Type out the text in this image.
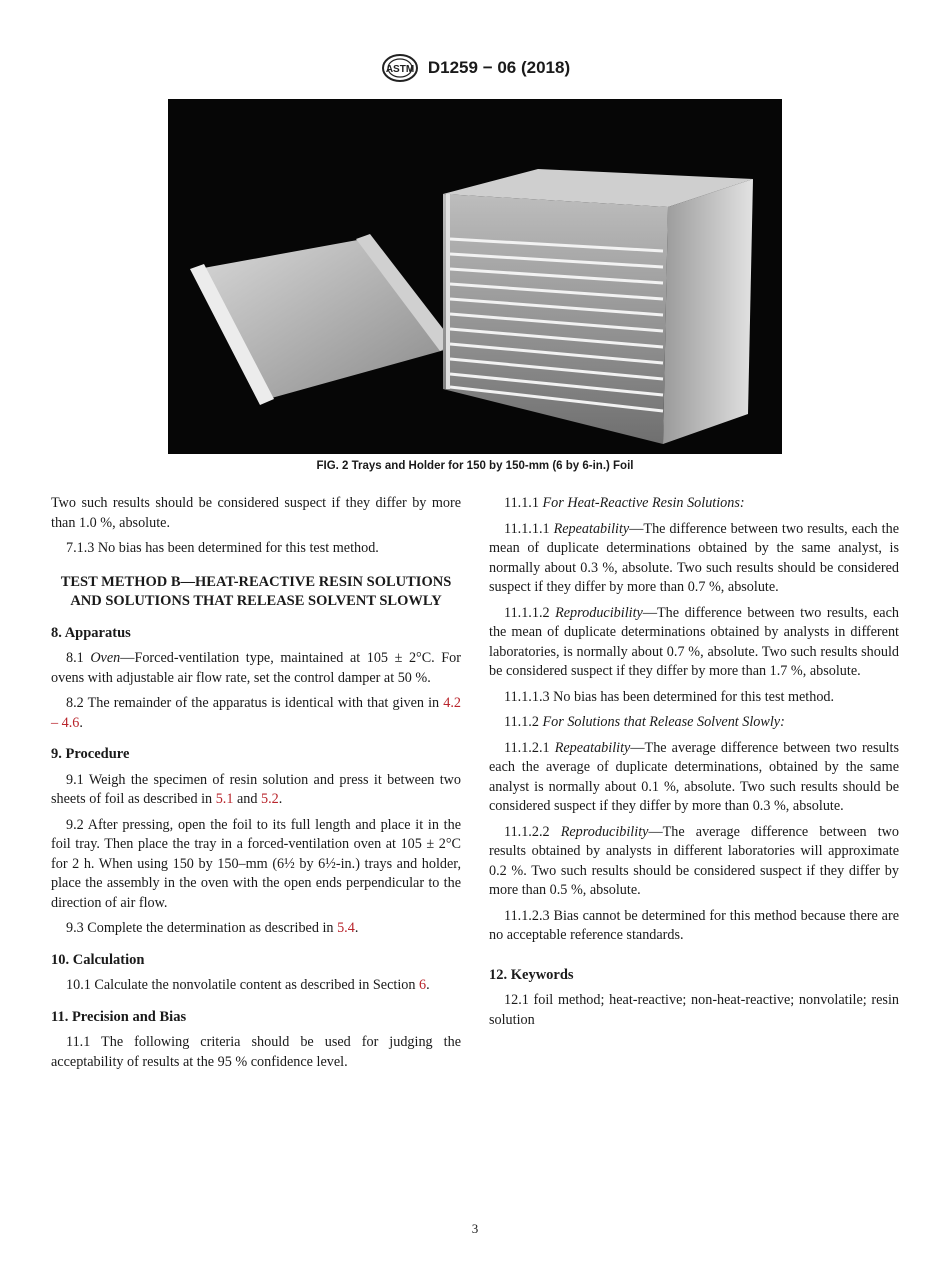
ASTM D1259 − 06 (2018)
FIG. 2 Trays and Holder for 150 by 150-mm (6 by 6-in.) Foil

Two such results should be considered suspect if they differ by more than 1.0 %, absolute.

7.1.3 No bias has been determined for this test method.

TEST METHOD B—HEAT-REACTIVE RESIN SOLUTIONS AND SOLUTIONS THAT RELEASE SOLVENT SLOWLY
8. Apparatus

8.1 Oven—Forced-ventilation type, maintained at 105 ± 2°C. For ovens with adjustable air flow rate, set the control damper at 50 %.

8.2 The remainder of the apparatus is identical with that given in 4.2 – 4.6.

9. Procedure

9.1 Weigh the specimen of resin solution and press it between two sheets of foil as described in 5.1 and 5.2.

9.2 After pressing, open the foil to its full length and place it in the foil tray. Then place the tray in a forced-ventilation oven at 105 ± 2°C for 2 h. When using 150 by 150–mm (6½ by 6½-in.) trays and holder, place the assembly in the oven with the open ends perpendicular to the direction of air flow.

9.3 Complete the determination as described in 5.4.

10. Calculation

10.1 Calculate the nonvolatile content as described in Section 6.

11. Precision and Bias

11.1 The following criteria should be used for judging the acceptability of results at the 95 % confidence level.

11.1.1 For Heat-Reactive Resin Solutions:

11.1.1.1 Repeatability—The difference between two results, each the mean of duplicate determinations obtained by the same analyst, is normally about 0.3 %, absolute. Two such results should be considered suspect if they differ by more than 0.7 %, absolute.

11.1.1.2 Reproducibility—The difference between two results, each the mean of duplicate determinations obtained by analysts in different laboratories, is normally about 0.7 %, absolute. Two such results should be considered suspect if they differ by more than 1.7 %, absolute.

11.1.1.3 No bias has been determined for this test method.

11.1.2 For Solutions that Release Solvent Slowly:

11.1.2.1 Repeatability—The average difference between two results each the average of duplicate determinations, obtained by the same analyst is normally about 0.1 %, absolute. Two such results should be considered suspect if they differ by more than 0.3 %, absolute.

11.1.2.2 Reproducibility—The average difference between two results obtained by analysts in different laboratories will approximate 0.2 %. Two such results should be considered suspect if they differ by more than 0.5 %, absolute.

11.1.2.3 Bias cannot be determined for this method because there are no acceptable reference standards.

12. Keywords

12.1 foil method; heat-reactive; non-heat-reactive; nonvolatile; resin solution

3
